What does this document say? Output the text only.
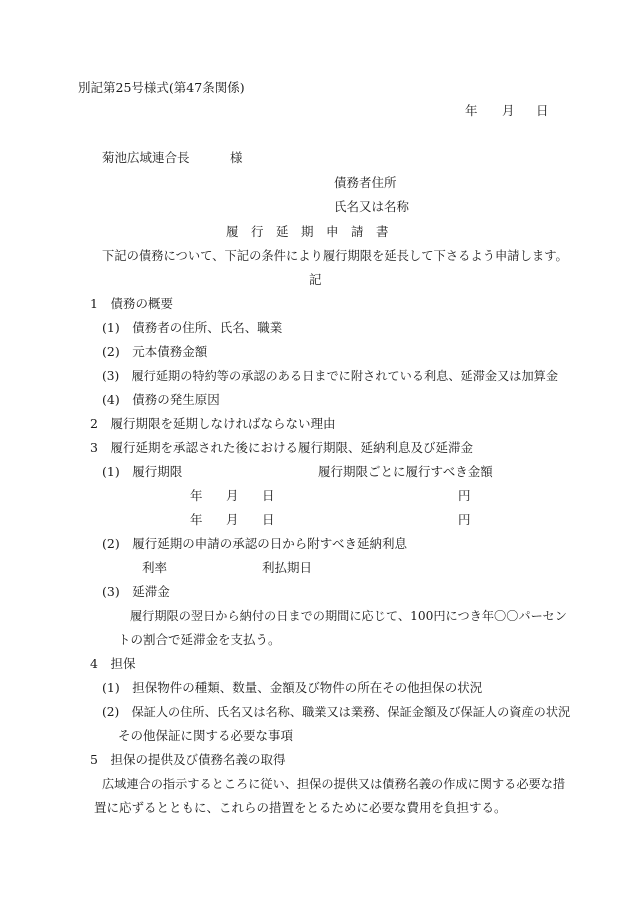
別記第25号様式(第47条関係)
年 月 日
菊池広域連合長	様
債務者住所
氏名又は名称
履　行　延　期　申　請　書
下記の債務について、下記の条件により履行期限を延長して下さるよう申請します。
記
1　債務の概要
(1)　債務者の住所、氏名、職業
(2)　元本債務金額
(3)　履行延期の特約等の承認のある日までに附されている利息、延滞金又は加算金
(4)　債務の発生原因
2　履行期限を延期しなければならない理由
3　履行延期を承認された後における履行期限、延納利息及び延滞金
(1)　履行期限	履行期限ごとに履行すべき金額
年 月 日	円
年 月 日	円
(2)　履行延期の申請の承認の日から附すべき延納利息
利率	利払期日
(3)　延滞金
履行期限の翌日から納付の日までの期間に応じて、100円につき年〇〇パーセン
トの割合で延滞金を支払う。
4　担保
(1)　担保物件の種類、数量、金額及び物件の所在その他担保の状況
(2)　保証人の住所、氏名又は名称、職業又は業務、保証金額及び保証人の資産の状況
その他保証に関する必要な事項
5　担保の提供及び債務名義の取得
広域連合の指示するところに従い、担保の提供又は債務名義の作成に関する必要な措
置に応ずるとともに、これらの措置をとるために必要な費用を負担する。
